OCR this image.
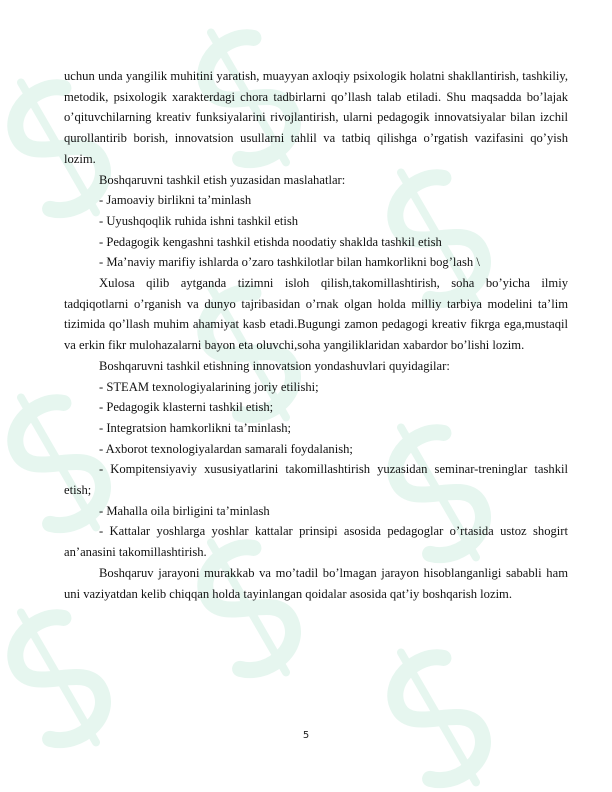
uchun unda yangilik muhitini yaratish, muayyan axloqiy psixologik holatni shakllantirish, tashkiliy, metodik, psixologik xarakterdagi chora tadbirlarni qo’llash talab etiladi. Shu maqsadda bo’lajak o’qituvchilarning kreativ funksiyalarini rivojlantirish, ularni pedagogik innovatsiyalar bilan izchil qurollantirib borish, innovatsion usullarni tahlil va tatbiq qilishga o’rgatish vazifasini qo’yish lozim.

Boshqaruvni tashkil etish yuzasidan maslahatlar:

- Jamoaviy birlikni ta’minlash

- Uyushqoqlik ruhida ishni tashkil etish

- Pedagogik kengashni tashkil etishda noodatiy shaklda tashkil etish

- Ma’naviy marifiy ishlarda o’zaro tashkilotlar bilan hamkorlikni bog’lash \

Xulosa qilib aytganda tizimni isloh qilish,takomillashtirish, soha bo’yicha ilmiy tadqiqotlarni o’rganish va dunyo tajribasidan o’rnak olgan holda milliy tarbiya modelini ta’lim tizimida qo’llash muhim ahamiyat kasb etadi.Bugungi zamon pedagogi kreativ fikrga ega,mustaqil va erkin fikr mulohazalarni bayon eta oluvchi,soha yangiliklaridan xabardor bo’lishi lozim.

Boshqaruvni tashkil etishning innovatsion yondashuvlari quyidagilar:

- STEAM texnologiyalarining joriy etilishi;

- Pedagogik klasterni tashkil etish;

- Integratsion hamkorlikni ta’minlash;

- Axborot texnologiyalardan samarali foydalanish;

- Kompitensiyaviy xususiyatlarini takomillashtirish yuzasidan seminar-treninglar tashkil etish;

- Mahalla oila birligini ta’minlash

- Kattalar yoshlarga yoshlar kattalar prinsipi asosida pedagoglar o’rtasida ustoz shogirt an’anasini takomillashtirish.

Boshqaruv jarayoni murakkab va mo’tadil bo’lmagan jarayon hisoblanganligi sababli ham uni vaziyatdan kelib chiqqan holda tayinlangan qoidalar asosida qat’iy boshqarish lozim.

5
